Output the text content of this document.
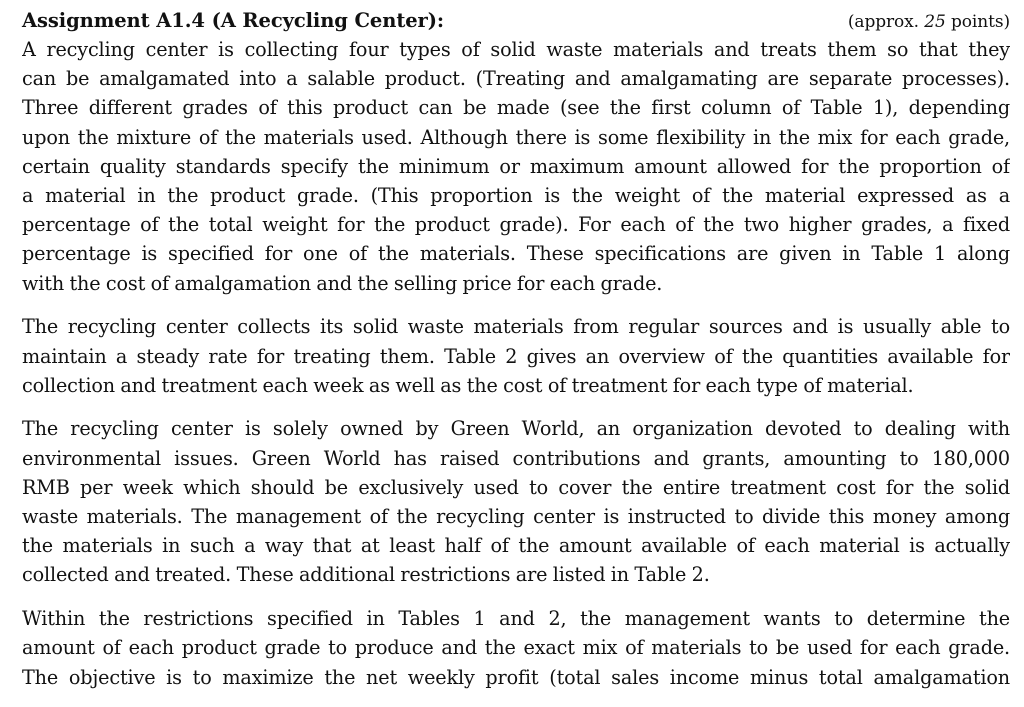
Assignment A1.4 (A Recycling Center):	(approx. 25 points)

A recycling center is collecting four types of solid waste materials and treats them so that they
can be amalgamated into a salable product. (Treating and amalgamating are separate processes).
Three different grades of this product can be made (see the first column of Table 1), depending
upon the mixture of the materials used. Although there is some flexibility in the mix for each grade,
certain quality standards specify the minimum or maximum amount allowed for the proportion of
a material in the product grade. (This proportion is the weight of the material expressed as a
percentage of the total weight for the product grade). For each of the two higher grades, a fixed
percentage is specified for one of the materials. These specifications are given in Table 1 along
with the cost of amalgamation and the selling price for each grade.

The recycling center collects its solid waste materials from regular sources and is usually able to
maintain a steady rate for treating them. Table 2 gives an overview of the quantities available for
collection and treatment each week as well as the cost of treatment for each type of material.

The recycling center is solely owned by Green World, an organization devoted to dealing with
environmental issues. Green World has raised contributions and grants, amounting to 180,000
RMB per week which should be exclusively used to cover the entire treatment cost for the solid
waste materials. The management of the recycling center is instructed to divide this money among
the materials in such a way that at least half of the amount available of each material is actually
collected and treated. These additional restrictions are listed in Table 2.

Within the restrictions specified in Tables 1 and 2, the management wants to determine the
amount of each product grade to produce and the exact mix of materials to be used for each grade.
The objective is to maximize the net weekly profit (total sales income minus total amalgamation
